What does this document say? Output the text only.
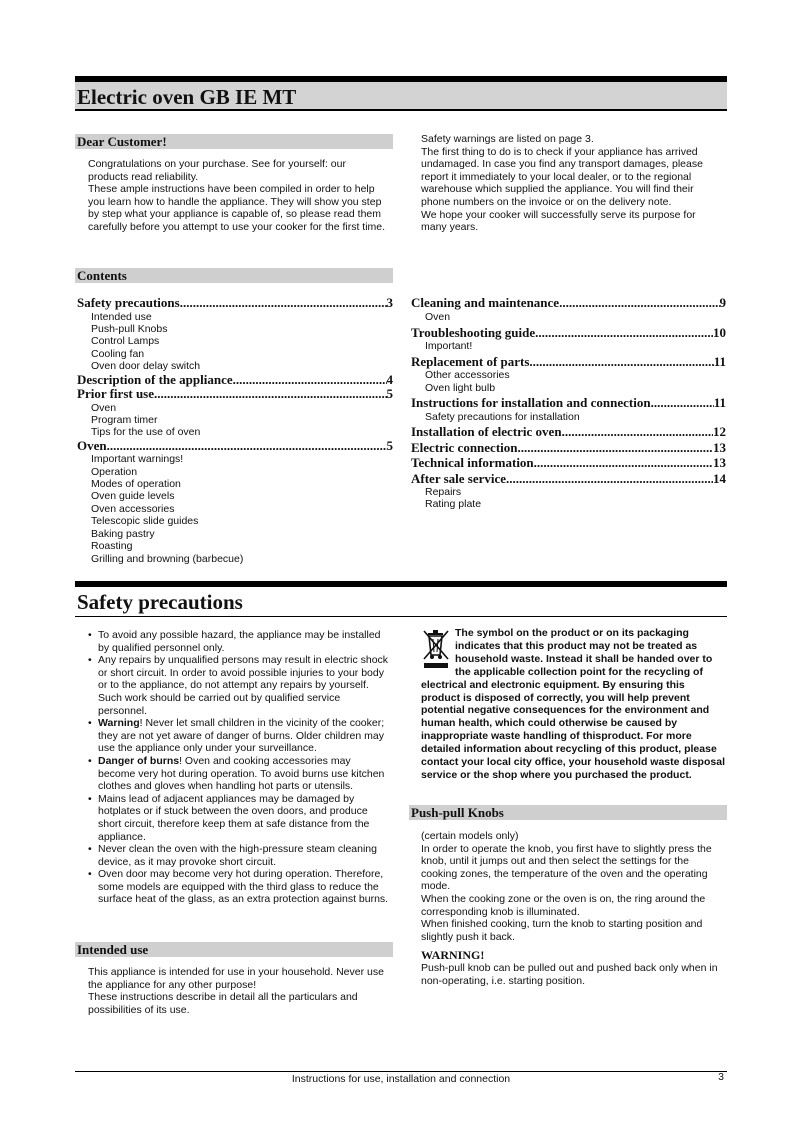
Electric oven GB IE MT
Dear Customer!

Congratulations on your purchase. See for yourself: our products read reliability.

These ample instructions have been compiled in order to help you learn how to handle the appliance. They will show you step by step what your appliance is capable of, so please read them carefully before you attempt to use your cooker for the first time.

Safety warnings are listed on page 3.

The first thing to do is to check if your appliance has arrived undamaged. In case you find any transport damages, please report it immediately to your local dealer, or to the regional warehouse which supplied the appliance. You will find their phone numbers on the invoice or on the delivery note.

We hope your cooker will successfully serve its purpose for many years.

Contents
Safety precautions .....	3
Intended use
Push-pull Knobs
Control Lamps
Cooling fan
Oven door delay switch
Description of the appliance .....	4
Prior first use .....	5
Oven
Program timer
Tips for the use of oven
Oven .....	5
Important warnings!
Operation
Modes of operation
Oven guide levels
Oven accessories
Telescopic slide guides
Baking pastry
Roasting
Grilling and browning (barbecue)
Cleaning and maintenance .....	9
Oven
Troubleshooting guide .....	10
Important!
Replacement of parts .....	11
Other accessories
Oven light bulb
Instructions for installation and connection .....	11
Safety precautions for installation
Installation of electric oven .....	12
Electric connection .....	13
Technical information .....	13
After sale service .....	14
Repairs
Rating plate
Safety precautions
• To avoid any possible hazard, the appliance may be installed by qualified personnel only.
• Any repairs by unqualified persons may result in electric shock or short circuit. In order to avoid possible injuries to your body or to the appliance, do not attempt any repairs by yourself. Such work should be carried out by qualified service personnel.
• Warning! Never let small children in the vicinity of the cooker; they are not yet aware of danger of burns. Older children may use the appliance only under your surveillance.
• Danger of burns! Oven and cooking accessories may become very hot during operation. To avoid burns use kitchen clothes and gloves when handling hot parts or utensils.
• Mains lead of adjacent appliances may be damaged by hotplates or if stuck between the oven doors, and produce short circuit, therefore keep them at safe distance from the appliance.
• Never clean the oven with the high-pressure steam cleaning device, as it may provoke short circuit.
• Oven door may become very hot during operation. Therefore, some models are equipped with the third glass to reduce the surface heat of the glass, as an extra protection against burns.
Intended use

This appliance is intended for use in your household. Never use the appliance for any other purpose!

These instructions describe in detail all the particulars and possibilities of its use.

The symbol on the product or on its packaging indicates that this product may not be treated as household waste. Instead it shall be handed over to the applicable collection point for the recycling of electrical and electronic equipment. By ensuring this product is disposed of correctly, you will help prevent potential negative consequences for the environment and human health, which could otherwise be caused by inappropriate waste handling of thisproduct. For more detailed information about recycling of this product, please contact your local city office, your household waste disposal service or the shop where you purchased the product.
Push-pull Knobs

(certain models only)

In order to operate the knob, you first have to slightly press the knob, until it jumps out and then select the settings for the cooking zones, the temperature of the oven and the operating mode.

When the cooking zone or the oven is on, the ring around the corresponding knob is illuminated.

When finished cooking, turn the knob to starting position and slightly push it back.

WARNING!

Push-pull knob can be pulled out and pushed back only when in non-operating, i.e. starting position.

Instructions for use, installation and connection	3
